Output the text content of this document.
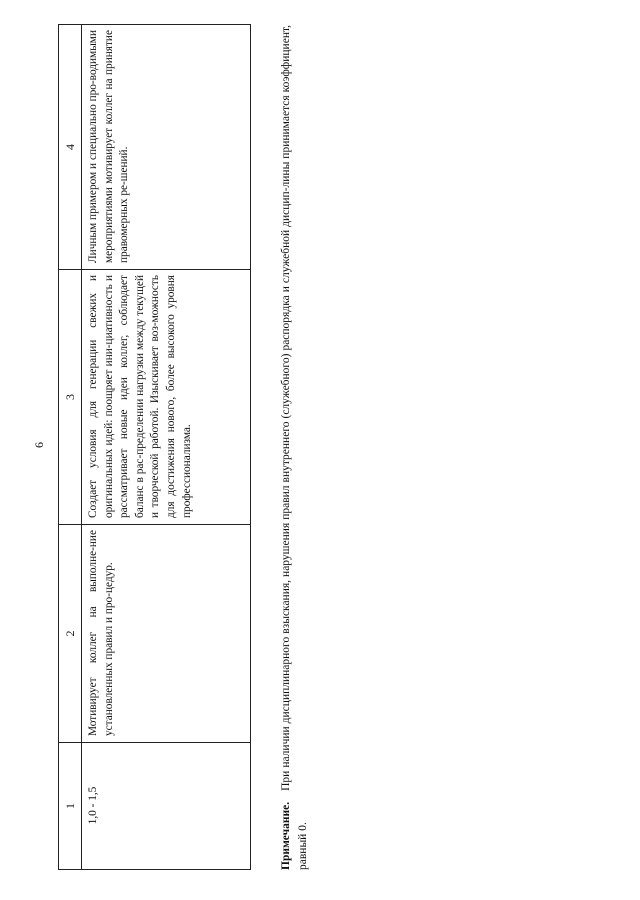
6
1	2	3	4
1,0 - 1,5	Мотивирует коллег на выполне-ние установленных правил и про-цедур.	Создает условия для генерации свежих и оригинальных идей: поощряет ини-циативность и рассматривает новые идеи коллег, соблюдает баланс в рас-пределении нагрузки между текущей и творческой работой. Изыскивает воз-можность для достижения нового, более высокого уровня профессионализма.	Личным примером и специально про-водимыми мероприятиями мотивирует коллег на принятие правомерных ре-шений.

Примечание. При наличии дисциплинарного взыскания, нарушения правил внутреннего (служебного) распорядка и служебной дисцип-лины принимается коэффициент, равный 0.
